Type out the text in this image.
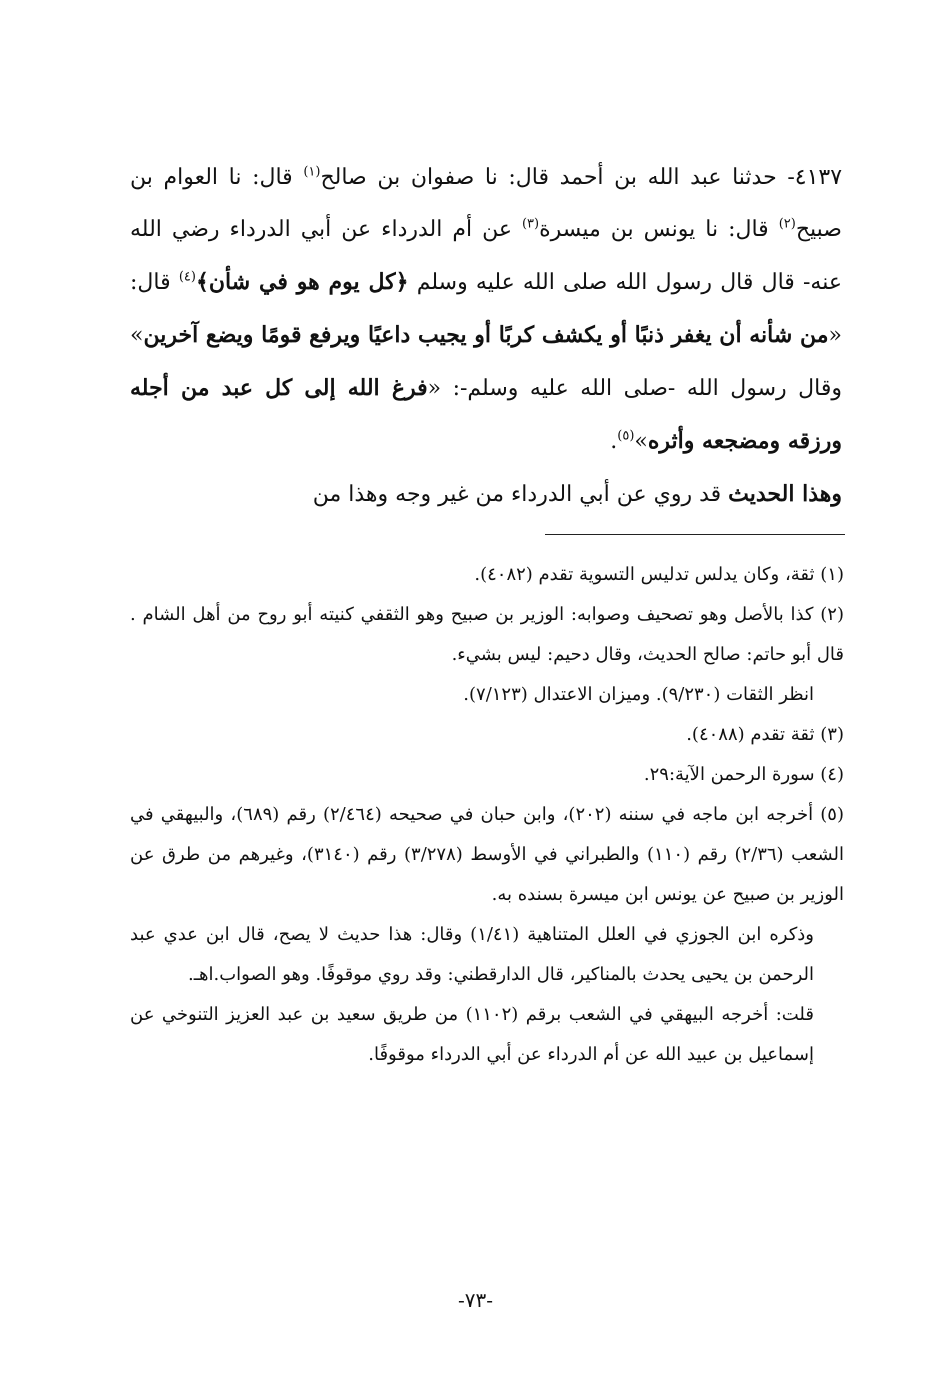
٤١٣٧- حدثنا عبد الله بن أحمد قال: نا صفوان بن صالح$^{(١)}$ قال: نا العوام بن صبيح$^{(٢)}$ قال: نا يونس بن ميسرة$^{(٣)}$ عن أم الدرداء عن أبي الدرداء رضي الله عنه- قال قال رسول الله صلى الله عليه وسلم ﴿كل يوم هو في شأن﴾$^{(٤)}$ قال: «من شأنه أن يغفر ذنبًا أو يكشف كربًا أو يجيب داعيًا ويرفع قومًا ويضع آخرين» وقال رسول الله -صلى الله عليه وسلم-: «فرغ الله إلى كل عبد من أجله ورزقه ومضجعه وأثره»$^{(٥)}$.

وهذا الحديث قد روي عن أبي الدرداء من غير وجه وهذا من

(١) ثقة، وكان يدلس تدليس التسوية تقدم (٤٠٨٢).

(٢) كذا بالأصل وهو تصحيف وصوابه: الوزير بن صبيح وهو الثقفي كنيته أبو روح من أهل الشام . قال أبو حاتم: صالح الحديث، وقال دحيم: ليس بشيء.

انظر الثقات (٩/٢٣٠). وميزان الاعتدال (٧/١٢٣).

(٣) ثقة تقدم (٤٠٨٨).

(٤) سورة الرحمن الآية:٢٩.

(٥) أخرجه ابن ماجه في سننه (٢٠٢)، وابن حبان في صحيحه (٢/٤٦٤) رقم (٦٨٩)، والبيهقي في الشعب (٢/٣٦) رقم (١١٠) والطبراني في الأوسط (٣/٢٧٨) رقم (٣١٤٠)، وغيرهم من طرق عن الوزير بن صبيح عن يونس ابن ميسرة بسنده به.

وذكره ابن الجوزي في العلل المتناهية (١/٤١) وقال: هذا حديث لا يصح، قال ابن عدي عبد الرحمن بن يحيى يحدث بالمناكير، قال الدارقطني: وقد روي موقوفًا. وهو الصواب.اهـ.

قلت: أخرجه البيهقي في الشعب برقم (١١٠٢) من طريق سعيد بن عبد العزيز التنوخي عن إسماعيل بن عبيد الله عن أم الدرداء عن أبي الدرداء موقوفًا.

-٧٣-
